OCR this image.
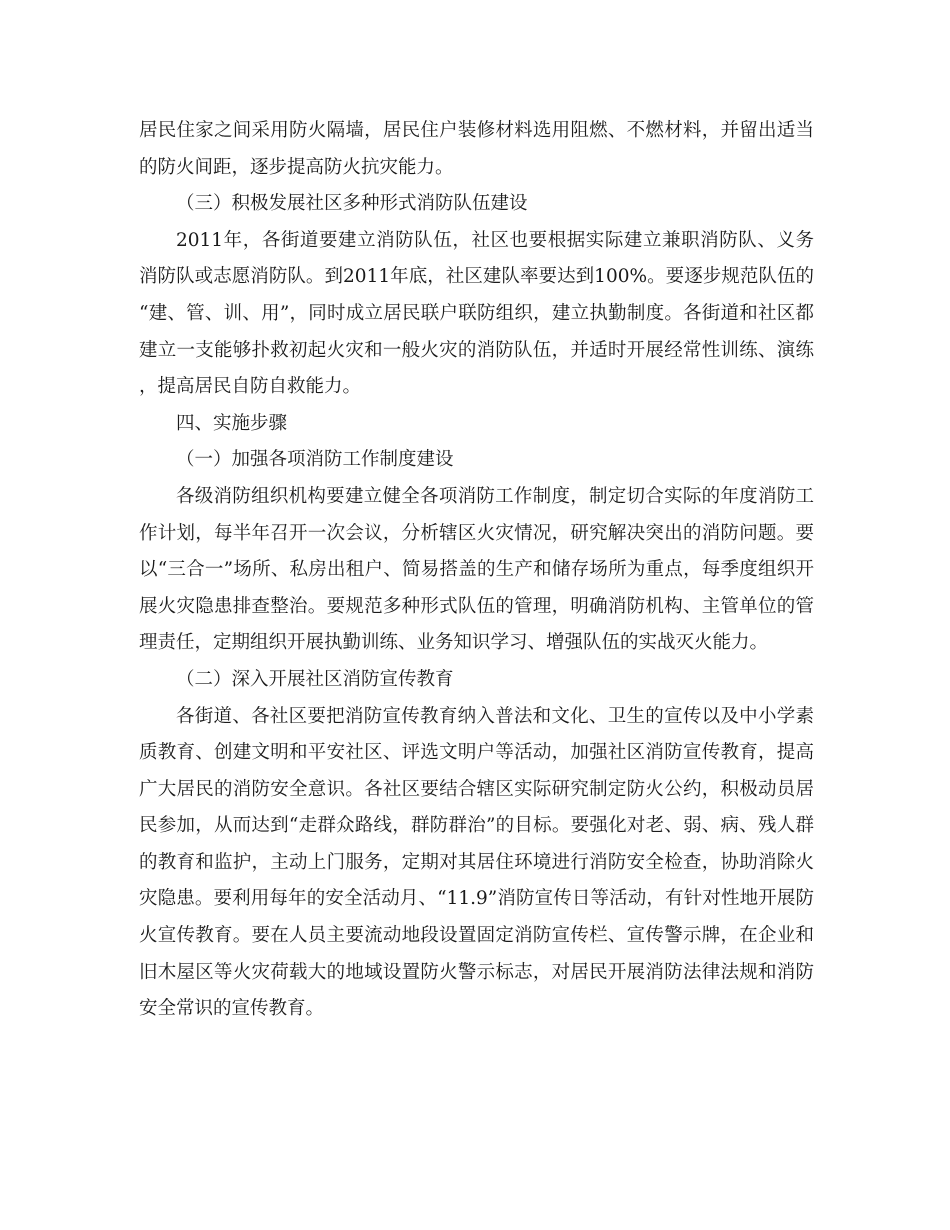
居民住家之间采用防火隔墙，居民住户装修材料选用阻燃、不燃材料，并留出适当的防火间距，逐步提高防火抗灾能力。

（三）积极发展社区多种形式消防队伍建设

2011年，各街道要建立消防队伍，社区也要根据实际建立兼职消防队、义务消防队或志愿消防队。到2011年底，社区建队率要达到100%。要逐步规范队伍的“建、管、训、用”，同时成立居民联户联防组织，建立执勤制度。各街道和社区都建立一支能够扑救初起火灾和一般火灾的消防队伍，并适时开展经常性训练、演练，提高居民自防自救能力。

四、实施步骤

（一）加强各项消防工作制度建设

各级消防组织机构要建立健全各项消防工作制度，制定切合实际的年度消防工作计划，每半年召开一次会议，分析辖区火灾情况，研究解决突出的消防问题。要以“三合一”场所、私房出租户、简易搭盖的生产和储存场所为重点，每季度组织开展火灾隐患排查整治。要规范多种形式队伍的管理，明确消防机构、主管单位的管理责任，定期组织开展执勤训练、业务知识学习、增强队伍的实战灭火能力。

（二）深入开展社区消防宣传教育

各街道、各社区要把消防宣传教育纳入普法和文化、卫生的宣传以及中小学素质教育、创建文明和平安社区、评选文明户等活动，加强社区消防宣传教育，提高广大居民的消防安全意识。各社区要结合辖区实际研究制定防火公约，积极动员居民参加，从而达到“走群众路线，群防群治”的目标。要强化对老、弱、病、残人群的教育和监护，主动上门服务，定期对其居住环境进行消防安全检查，协助消除火灾隐患。要利用每年的安全活动月、“11.9”消防宣传日等活动，有针对性地开展防火宣传教育。要在人员主要流动地段设置固定消防宣传栏、宣传警示牌，在企业和旧木屋区等火灾荷载大的地域设置防火警示标志，对居民开展消防法律法规和消防安全常识的宣传教育。
